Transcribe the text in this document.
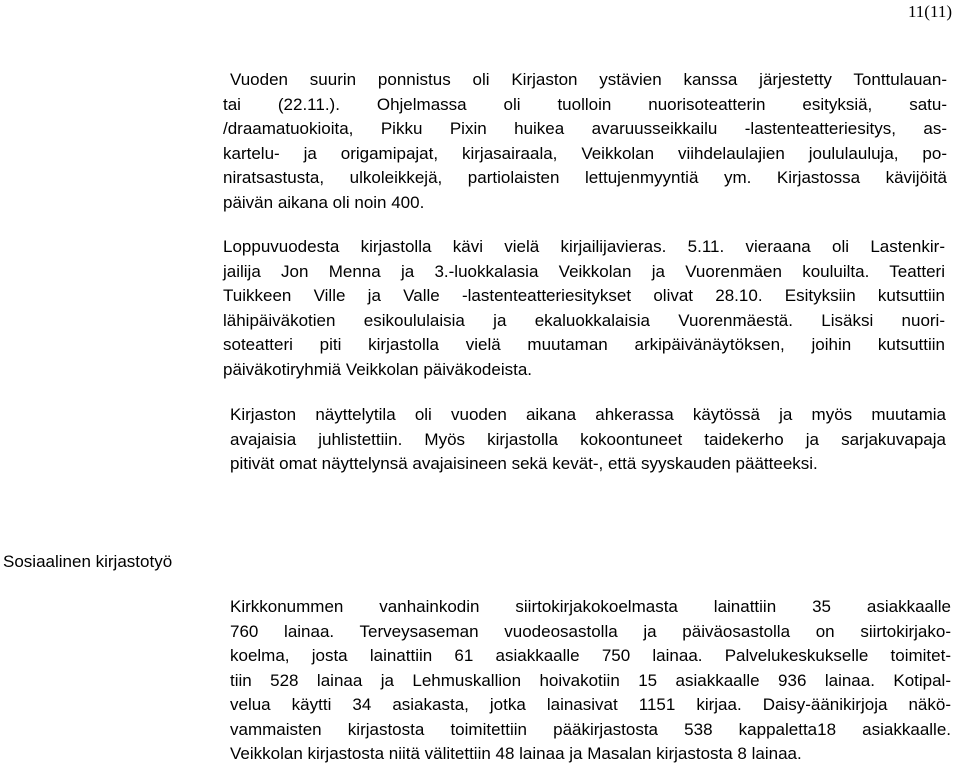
11(11)
Vuoden suurin ponnistus oli Kirjaston ystävien kanssa järjestetty Tonttulauan-
tai (22.11.). Ohjelmassa oli tuolloin nuorisoteatterin esityksiä, satu-
/draamatuokioita, Pikku Pixin huikea avaruusseikkailu -lastenteatteriesitys, as-
kartelu- ja origamipajat, kirjasairaala, Veikkolan viihdelaulajien joululauluja, po-
niratsastusta, ulkoleikkejä, partiolaisten lettujenmyyntiä ym. Kirjastossa kävijöitä
päivän aikana oli noin 400.
Loppuvuodesta kirjastolla kävi vielä kirjailijavieras. 5.11. vieraana oli Lastenkir-
jailija Jon Menna ja 3.-luokkalasia Veikkolan ja Vuorenmäen kouluilta. Teatteri
Tuikkeen Ville ja Valle -lastenteatteriesitykset olivat 28.10. Esityksiin kutsuttiin
lähipäiväkotien esikoululaisia ja ekaluokkalaisia Vuorenmäestä. Lisäksi nuori-
soteatteri piti kirjastolla vielä muutaman arkipäivänäytöksen, joihin kutsuttiin
päiväkotiryhmiä Veikkolan päiväkodeista.
Kirjaston näyttelytila oli vuoden aikana ahkerassa käytössä ja myös muutamia
avajaisia juhlistettiin. Myös kirjastolla kokoontuneet taidekerho ja sarjakuvapaja
pitivät omat näyttelynsä avajaisineen sekä kevät-, että syyskauden päätteeksi.
Sosiaalinen kirjastotyö
Kirkkonummen vanhainkodin siirtokirjakokoelmasta lainattiin 35 asiakkaalle
760 lainaa. Terveysaseman vuodeosastolla ja päiväosastolla on siirtokirjako-
koelma, josta lainattiin 61 asiakkaalle 750 lainaa. Palvelukeskukselle toimitet-
tiin 528 lainaa ja Lehmuskallion hoivakotiin 15 asiakkaalle 936 lainaa. Kotipal-
velua käytti 34 asiakasta, jotka lainasivat 1151 kirjaa. Daisy-äänikirjoja näkö-
vammaisten kirjastosta toimitettiin pääkirjastosta 538 kappaletta18 asiakkaalle.
Veikkolan kirjastosta niitä välitettiin 48 lainaa ja Masalan kirjastosta 8 lainaa.
